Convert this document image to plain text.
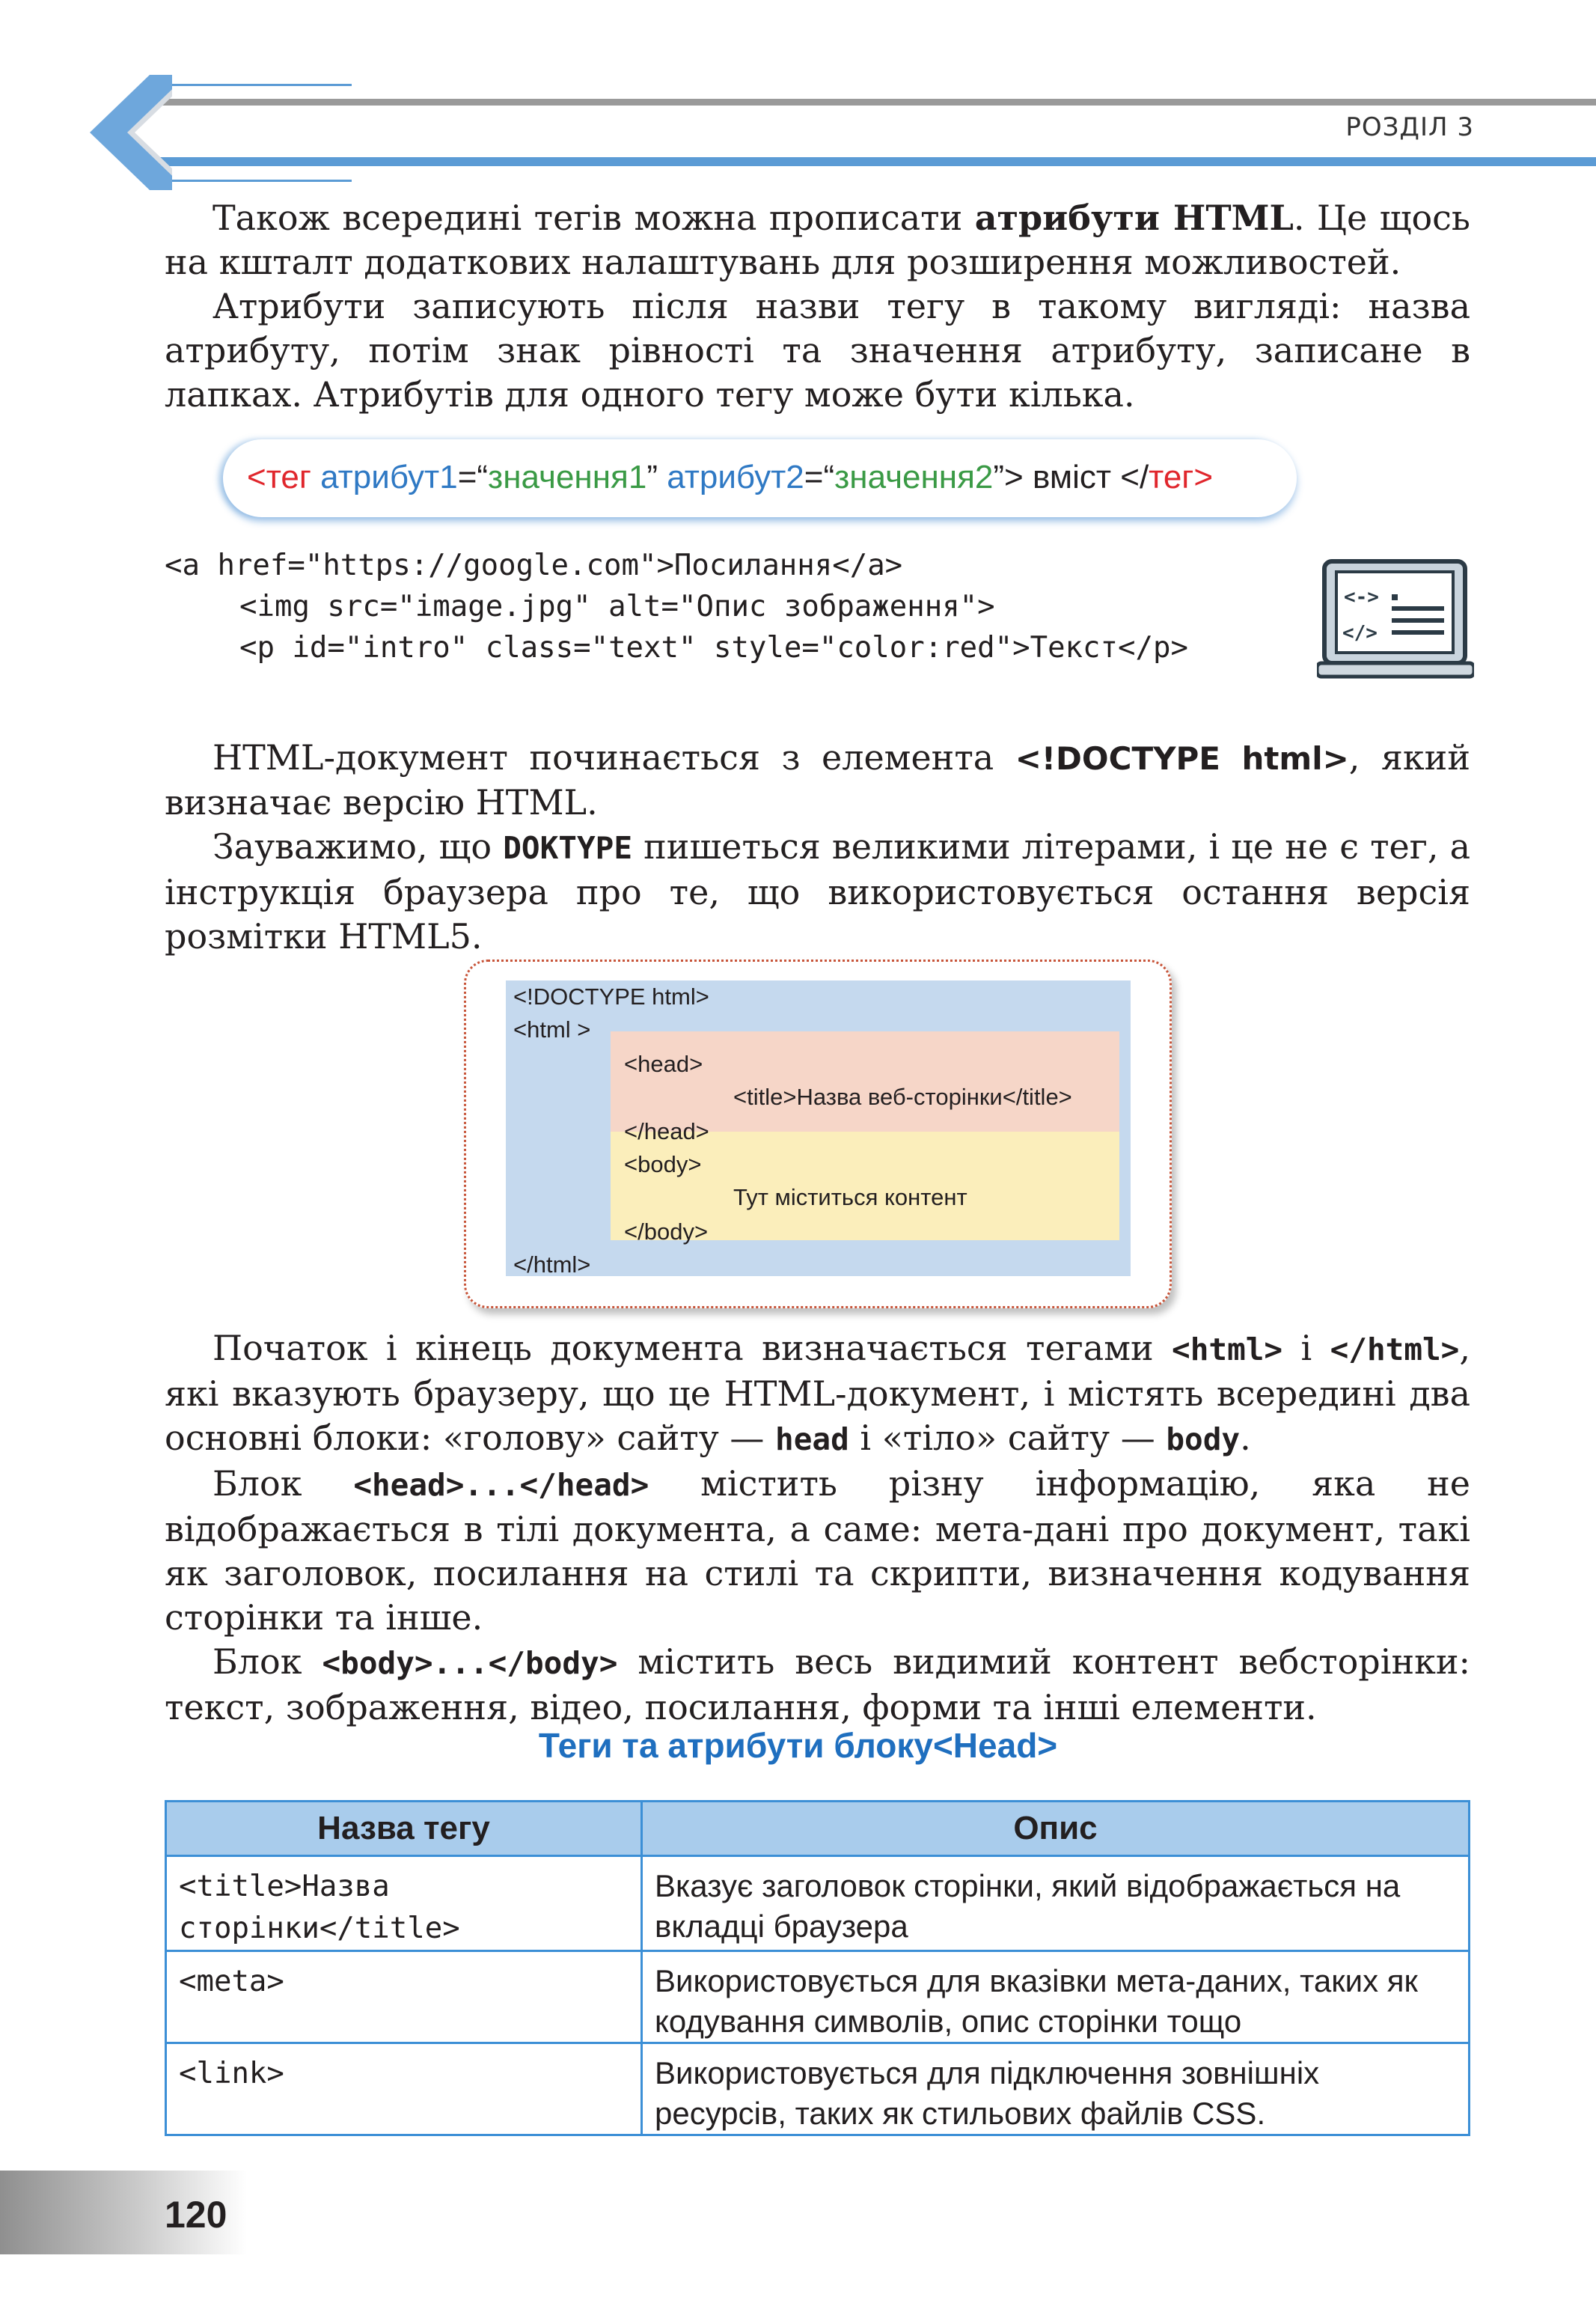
РОЗДІЛ 3

Також всередині тегів можна прописати атрибути HTML. Це щось на кшталт додаткових налаштувань для розширення можливостей.

Атрибути записують після назви тегу в такому вигляді: назва атрибуту, потім знак рівності та значення атрибуту, записане в лапках. Атрибутів для одного тегу може бути кілька.

<тег атрибут1=“значення1” атрибут2=“значення2”> вміст </тег>
<a href="https://google.com">Посилання</a>
<img src="image.jpg" alt="Опис зображення">
<p id="intro" class="text" style="color:red">Текст</p>
<->
</>

HTML-документ починається з елемента <!DOCTYPE html>, який визначає версію HTML.

Зауважимо, що DOKTYPE пишеться великими літерами, і це не є тег, а інструкція браузера про те, що використовується остання версія розмітки HTML5.

<!DOCTYPE html>
<html >
<head>
<title>Назва веб-сторінки</title>
</head>
<body>
Тут міститься контент
</body>
</html>

Початок і кінець документа визначається тегами <html> і </html>, які вказують браузеру, що це HTML-документ, і містять всередині два основні блоки: «голову» сайту — head і «тіло» сайту — body.

Блок <head>...</head> містить різну інформацію, яка не відображається в тілі документа, а саме: мета-дані про документ, такі як заголовок, посилання на стилі та скрипти, визначення кодування сторінки та інше.

Блок <body>...</body> містить весь видимий контент вебсторінки: текст, зображення, відео, посилання, форми та інші елементи.

Теги та атрибути блоку<Head>
Назва тегу	Опис
<title>Назва сторінки</title>	Вказує заголовок сторінки, який відображається на вкладці браузера
<meta>	Використовується для вказівки мета-даних, таких як кодування символів, опис сторінки тощо
<link>	Використовується для підключення зовнішніх ресурсів, таких як стильових файлів CSS.
120
